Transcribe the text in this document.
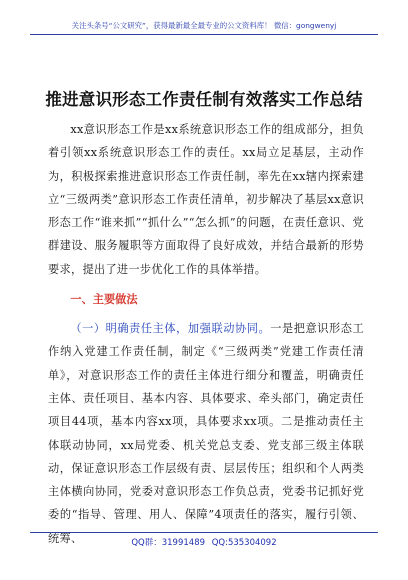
关注头条号“公文研究”，获得最新最全最专业的公文资料库！ 微信：gongwenyj
推进意识形态工作责任制有效落实工作总结

xx意识形态工作是xx系统意识形态工作的组成部分，担负着引领xx系统意识形态工作的责任。xx局立足基层，主动作为，积极探索推进意识形态工作责任制，率先在xx辖内探索建立“三级两类”意识形态工作责任清单，初步解决了基层xx意识形态工作“谁来抓”“抓什么”“怎么抓”的问题，在责任意识、党群建设、服务履职等方面取得了良好成效，并结合最新的形势要求，提出了进一步优化工作的具体举措。

一、主要做法

（一）明确责任主体，加强联动协同。一是把意识形态工作纳入党建工作责任制，制定《“三级两类”党建工作责任清单》，对意识形态工作的责任主体进行细分和覆盖，明确责任主体、责任项目、基本内容、具体要求、牵头部门，确定责任项目44项，基本内容xx项，具体要求xx项。二是推动责任主体联动协同，xx局党委、机关党总支委、党支部三级主体联动，保证意识形态工作层级有责、层层传压；组织和个人两类主体横向协同，党委对意识形态工作负总责，党委书记抓好党委的“指导、管理、用人、保障”4项责任的落实，履行引领、统筹、	QQ群：31991489 QQ:535304092
